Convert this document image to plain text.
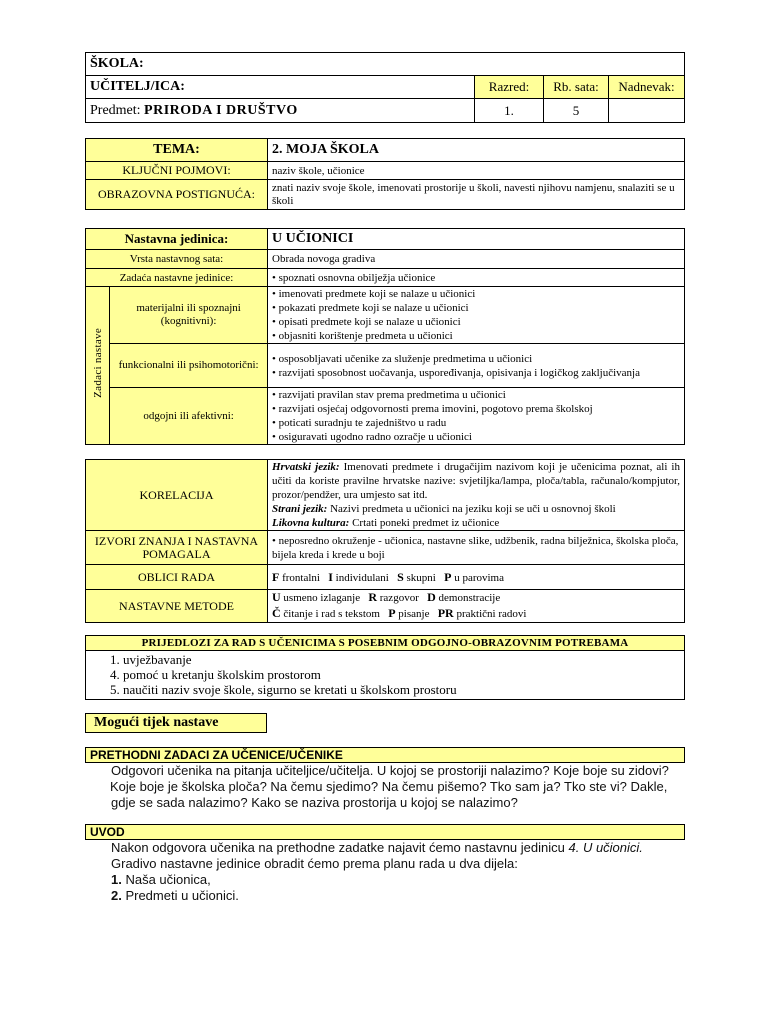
ŠKOLA:			
UČITELJ/ICA:	Razred:	Rb. sata:	Nadnevak:
Predmet: PRIRODA I DRUŠTVO	1.	5	
TEMA:	2. MOJA ŠKOLA
KLJUČNI POJMOVI:	naziv škole, učionice
OBRAZOVNA POSTIGNUĆA:	znati naziv svoje škole, imenovati prostorije u školi, navesti njihovu namjenu, snalaziti se u školi
Nastavna jedinica:		U UČIONICI
Vrsta nastavnog sata:		Obrada novoga gradiva
Zadaća nastavne jedinice:		• spoznati osnovna obilježja učionice
Zadaci nastave	materijalni ili spoznajni (kognitivni):	• imenovati predmete koji se nalaze u učionici
• pokazati predmete koji se nalaze u učionici
• opisati predmete koji se nalaze u učionici
• objasniti korištenje predmeta u učionici

	funkcionalni ili psihomotorični:	• osposobljavati učenike za služenje predmetima u učionici
• razvijati sposobnost uočavanja, uspoređivanja, opisivanja i logičkog zaključivanja

	odgojni ili afektivni:	• razvijati pravilan stav prema predmetima u učionici
• razvijati osjećaj odgovornosti prema imovini, pogotovo prema školskoj
• poticati suradnju te zajedništvo u radu
• osiguravati ugodno radno ozračje u učionici
KORELACIJA	Hrvatski jezik: Imenovati predmete i drugačijim nazivom koji je učenicima poznat, ali ih učiti da koriste pravilne hrvatske nazive: svjetiljka/lampa, ploča/tabla, računalo/kompjutor, prozor/pendžer, ura umjesto sat itd.
Strani jezik: Nazivi predmeta u učionici na jeziku koji se uči u osnovnoj školi
Likovna kultura: Crtati poneki predmet iz učionice
IZVORI ZNANJA I NASTAVNA POMAGALA	• neposredno okruženje - učionica, nastavne slike, udžbenik, radna bilježnica, školska ploča, bijela kreda i krede u boji
OBLICI RADA	F frontalni I individulani S skupni P u parovima
NASTAVNE METODE	U usmeno izlaganje R razgovor D demonstracije
Č čitanje i rad s tekstom P pisanje PR praktični radovi
PRIJEDLOZI ZA RAD S UČENICIMA S POSEBNIM ODGOJNO-OBRAZOVNIM POTREBAMA

1. uvježbavanje
4. pomoć u kretanju školskim prostorom
5. naučiti naziv svoje škole, sigurno se kretati u školskom prostoru
Mogući tijek nastave
PRETHODNI ZADACI ZA UČENICE/UČENIKE
Odgovori učenika na pitanja učiteljice/učitelja. U kojoj se prostoriji nalazimo? Koje boje su zidovi?
Koje boje je školska ploča? Na čemu sjedimo? Na čemu pišemo? Tko sam ja? Tko ste vi? Dakle,
gdje se sada nalazimo? Kako se naziva prostorija u kojoj se nalazimo?
UVOD
Nakon odgovora učenika na prethodne zadatke najavit ćemo nastavnu jedinicu 4. U učionici.
Gradivo nastavne jedinice obradit ćemo prema planu rada u dva dijela:
1. Naša učionica,
2. Predmeti u učionici.
